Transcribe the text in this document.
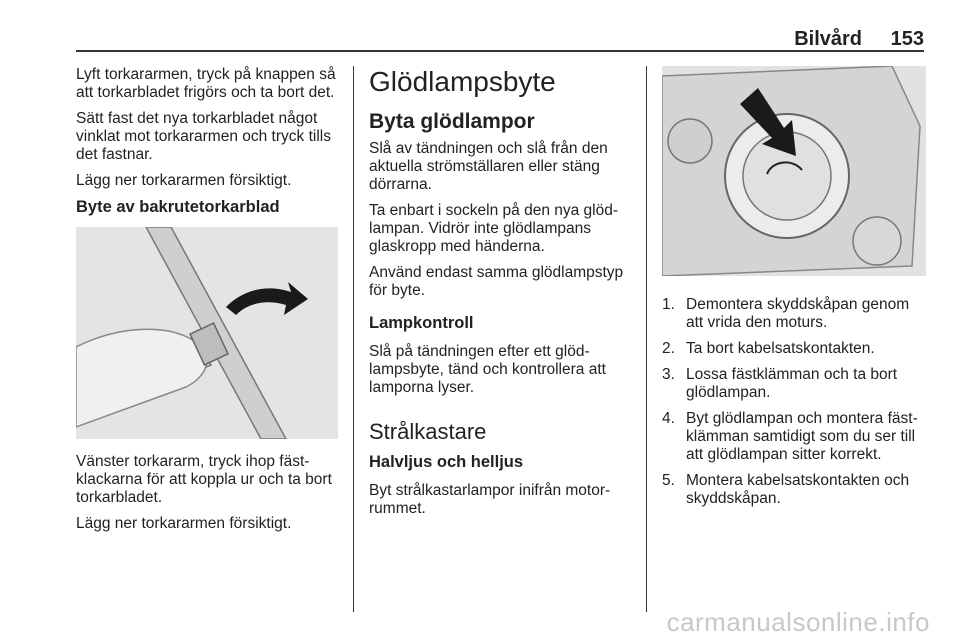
Bilvård 153

Lyft torkararmen, tryck på knappen så att torkarbladet frigörs och ta bort det.

Sätt fast det nya torkarbladet något vinklat mot torkararmen och tryck tills det fastnar.

Lägg ner torkararmen försiktigt.

Byte av bakrutetorkarblad

Vänster torkararm, tryck ihop fästklackarna för att koppla ur och ta bort torkarbladet.

Lägg ner torkararmen försiktigt.

Glödlampsbyte
Byta glödlampor

Slå av tändningen och slå från den aktuella strömställaren eller stäng dörrarna.

Ta enbart i sockeln på den nya glödlampan. Vidrör inte glödlampans glaskropp med händerna.

Använd endast samma glödlampstyp för byte.

Lampkontroll

Slå på tändningen efter ett glödlampsbyte, tänd och kontrollera att lamporna lyser.

Strålkastare
Halvljus och helljus

Byt strålkastarlampor inifrån motorrummet.

1. Demontera skyddskåpan genom att vrida den moturs.
2. Ta bort kabelsatskontakten.
3. Lossa fästklämman och ta bort glödlampan.
4. Byt glödlampan och montera fästklämman samtidigt som du ser till att glödlampan sitter korrekt.
5. Montera kabelsatskontakten och skyddskåpan.
carmanualsonline.info
